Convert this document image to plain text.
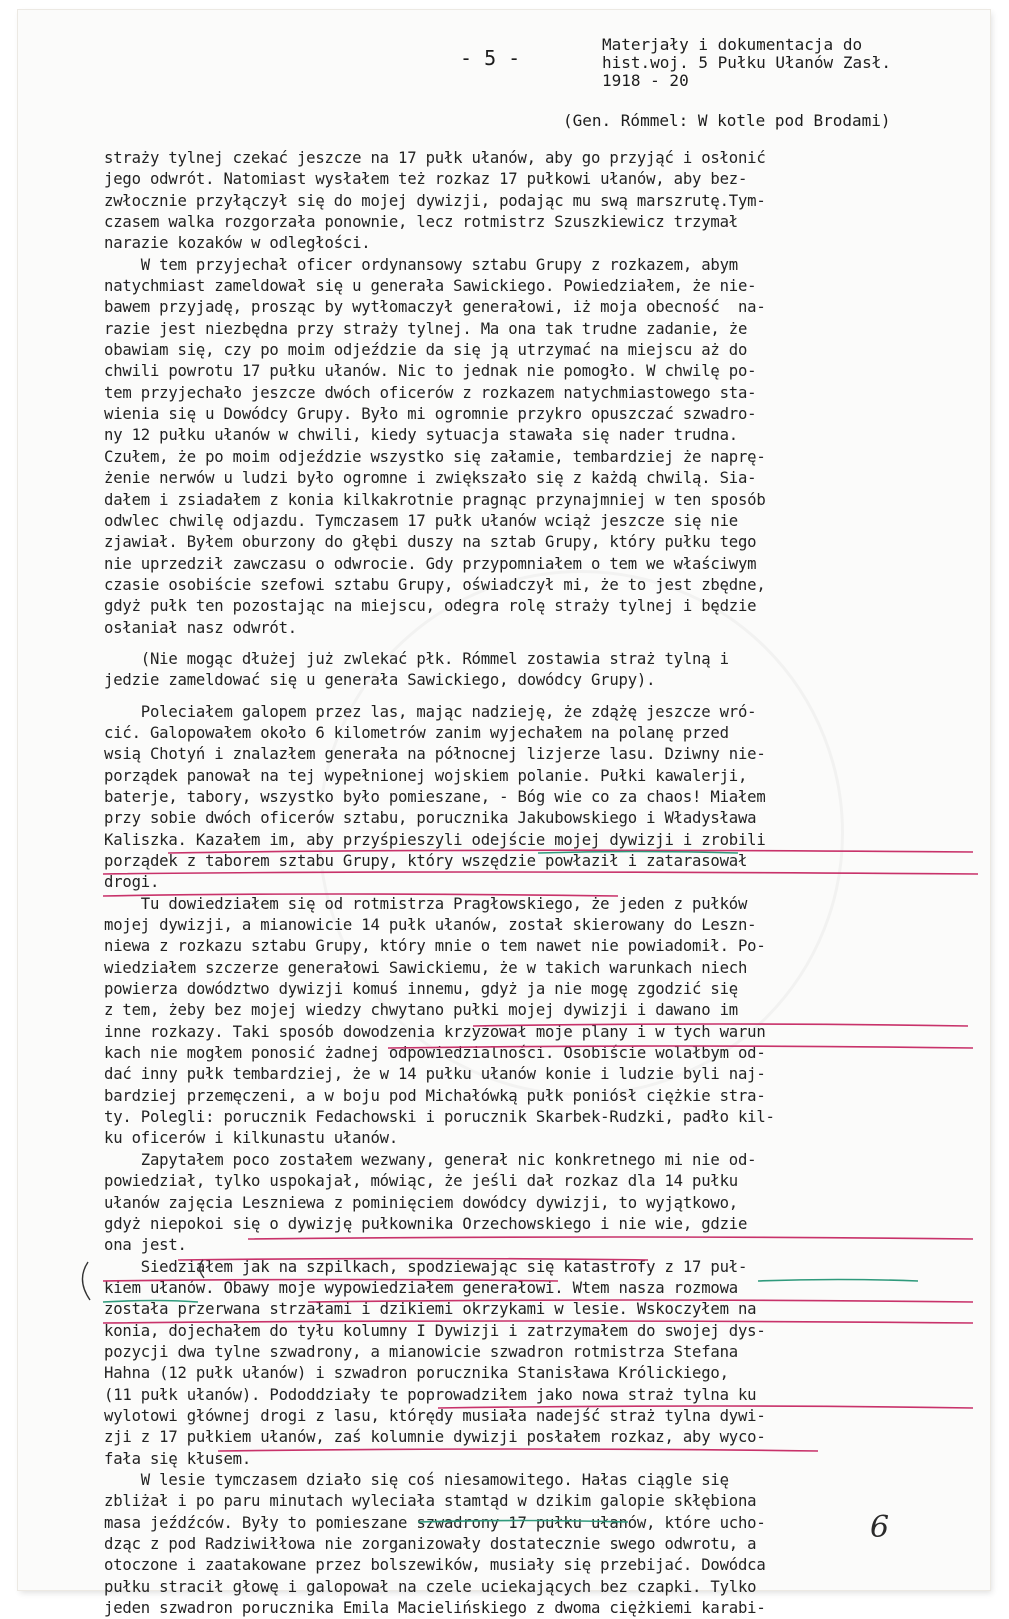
- 5 -
Materjały i dokumentacja do
hist.woj. 5 Pułku Ułanów Zasł.
1918 - 20
(Gen. Rómmel: W kotle pod Brodami)
straży tylnej czekać jeszcze na 17 pułk ułanów, aby go przyjąć i osłonić
jego odwrót. Natomiast wysłałem też rozkaz 17 pułkowi ułanów, aby bez-
zwłocznie przyłączył się do mojej dywizji, podając mu swą marszrutę.Tym-
czasem walka rozgorzała ponownie, lecz rotmistrz Szuszkiewicz trzymał
narazie kozaków w odległości.
W tem przyjechał oficer ordynansowy sztabu Grupy z rozkazem, abym
natychmiast zameldował się u generała Sawickiego. Powiedziałem, że nie-
bawem przyjadę, prosząc by wytłomaczył generałowi, iż moja obecność  na-
razie jest niezbędna przy straży tylnej. Ma ona tak trudne zadanie, że
obawiam się, czy po moim odjeździe da się ją utrzymać na miejscu aż do
chwili powrotu 17 pułku ułanów. Nic to jednak nie pomogło. W chwilę po-
tem przyjechało jeszcze dwóch oficerów z rozkazem natychmiastowego sta-
wienia się u Dowódcy Grupy. Było mi ogromnie przykro opuszczać szwadro-
ny 12 pułku ułanów w chwili, kiedy sytuacja stawała się nader trudna.
Czułem, że po moim odjeździe wszystko się załamie, tembardziej że naprę-
żenie nerwów u ludzi było ogromne i zwiększało się z każdą chwilą. Sia-
dałem i zsiadałem z konia kilkakrotnie pragnąc przynajmniej w ten sposób
odwlec chwilę odjazdu. Tymczasem 17 pułk ułanów wciąż jeszcze się nie
zjawiał. Byłem oburzony do głębi duszy na sztab Grupy, który pułku tego
nie uprzedził zawczasu o odwrocie. Gdy przypomniałem o tem we właściwym
czasie osobiście szefowi sztabu Grupy, oświadczył mi, że to jest zbędne,
gdyż pułk ten pozostając na miejscu, odegra rolę straży tylnej i będzie
osłaniał nasz odwrót.
(Nie mogąc dłużej już zwlekać płk. Rómmel zostawia straż tylną i
jedzie zameldować się u generała Sawickiego, dowódcy Grupy).
Poleciałem galopem przez las, mając nadzieję, że zdążę jeszcze wró-
cić. Galopowałem około 6 kilometrów zanim wyjechałem na polanę przed
wsią Chotyń i znalazłem generała na północnej lizjerze lasu. Dziwny nie-
porządek panował na tej wypełnionej wojskiem polanie. Pułki kawalerji,
baterje, tabory, wszystko było pomieszane, - Bóg wie co za chaos! Miałem
przy sobie dwóch oficerów sztabu, porucznika Jakubowskiego i Władysława
Kaliszka. Kazałem im, aby przyśpieszyli odejście mojej dywizji i zrobili
porządek z taborem sztabu Grupy, który wszędzie powłaził i zatarasował
drogi.
Tu dowiedziałem się od rotmistrza Pragłowskiego, że jeden z pułków
mojej dywizji, a mianowicie 14 pułk ułanów, został skierowany do Leszn-
niewa z rozkazu sztabu Grupy, który mnie o tem nawet nie powiadomił. Po-
wiedziałem szczerze generałowi Sawickiemu, że w takich warunkach niech
powierza dowództwo dywizji komuś innemu, gdyż ja nie mogę zgodzić się
z tem, żeby bez mojej wiedzy chwytano pułki mojej dywizji i dawano im
inne rozkazy. Taki sposób dowodzenia krzyżował moje plany i w tych warun
kach nie mogłem ponosić żadnej odpowiedzialności. Osobiście wolałbym od-
dać inny pułk tembardziej, że w 14 pułku ułanów konie i ludzie byli naj-
bardziej przemęczeni, a w boju pod Michałówką pułk poniósł ciężkie stra-
ty. Polegli: porucznik Fedachowski i porucznik Skarbek-Rudzki, padło kil-
ku oficerów i kilkunastu ułanów.
Zapytałem poco zostałem wezwany, generał nic konkretnego mi nie od-
powiedział, tylko uspokajał, mówiąc, że jeśli dał rozkaz dla 14 pułku
ułanów zajęcia Leszniewa z pominięciem dowódcy dywizji, to wyjątkowo,
gdyż niepokoi się o dywizję pułkownika Orzechowskiego i nie wie, gdzie
ona jest.
Siedziałem jak na szpilkach, spodziewając się katastrofy z 17 puł-
kiem ułanów. Obawy moje wypowiedziałem generałowi. Wtem nasza rozmowa
została przerwana strzałami i dzikiemi okrzykami w lesie. Wskoczyłem na
konia, dojechałem do tyłu kolumny I Dywizji i zatrzymałem do swojej dys-
pozycji dwa tylne szwadrony, a mianowicie szwadron rotmistrza Stefana
Hahna (12 pułk ułanów) i szwadron porucznika Stanisława Królickiego,
(11 pułk ułanów). Pododdziały te poprowadziłem jako nowa straż tylna ku
wylotowi głównej drogi z lasu, którędy musiała nadejść straż tylna dywi-
zji z 17 pułkiem ułanów, zaś kolumnie dywizji posłałem rozkaz, aby wyco-
fała się kłusem.
W lesie tymczasem działo się coś niesamowitego. Hałas ciągle się
zbliżał i po paru minutach wyleciała stamtąd w dzikim galopie skłębiona
masa jeźdźców. Były to pomieszane szwadrony 17 pułku ułanów, które ucho-
dząc z pod Radziwiłłowa nie zorganizowały dostatecznie swego odwrotu, a
otoczone i zaatakowane przez bolszewików, musiały się przebijać. Dowódca
pułku stracił głowę i galopował na czele uciekających bez czapki. Tylko
jeden szwadron porucznika Emila Macielińskiego z dwoma ciężkiemi karabi-
6
